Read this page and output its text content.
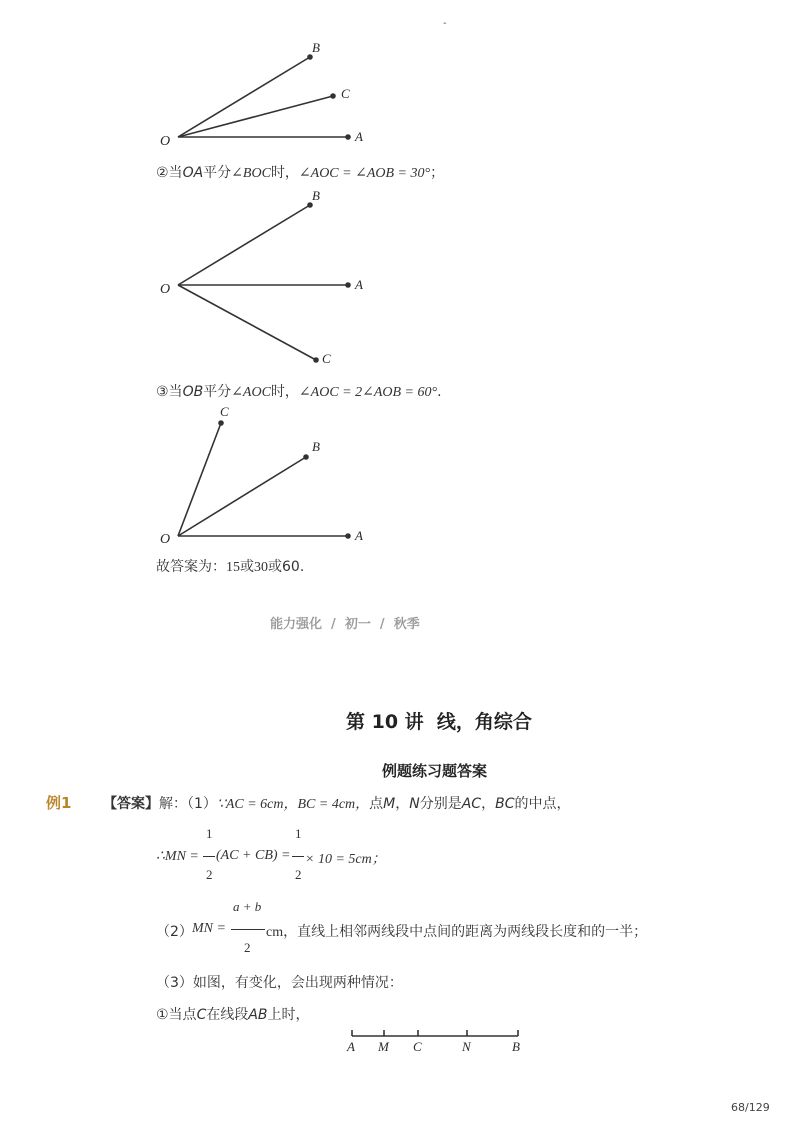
-
O
B
C
A
O
B
A
C
C
B
O	A
②当OA平分∠BOC时，∠AOC = ∠AOB = 30°；
③当OB平分∠AOC时，∠AOC = 2∠AOB = 60°.
故答案为：15或30或60.
能力强化  /  初一  /  秋季
第 10 讲  线，角综合
例题练习题答案
例1 【答案】解：（1）∵AC = 6cm，BC = 4cm，点M，N分别是AC，BC的中点，
1
2
1
2
∴MN = (AC + CB) = × 10 = 5cm；
a + b
2
（2） MN =	cm，直线上相邻两线段中点间的距离为两线段长度和的一半；
（3）如图，有变化，会出现两种情况：
①当点C在线段AB上时，
A M C	N	B
68/129
